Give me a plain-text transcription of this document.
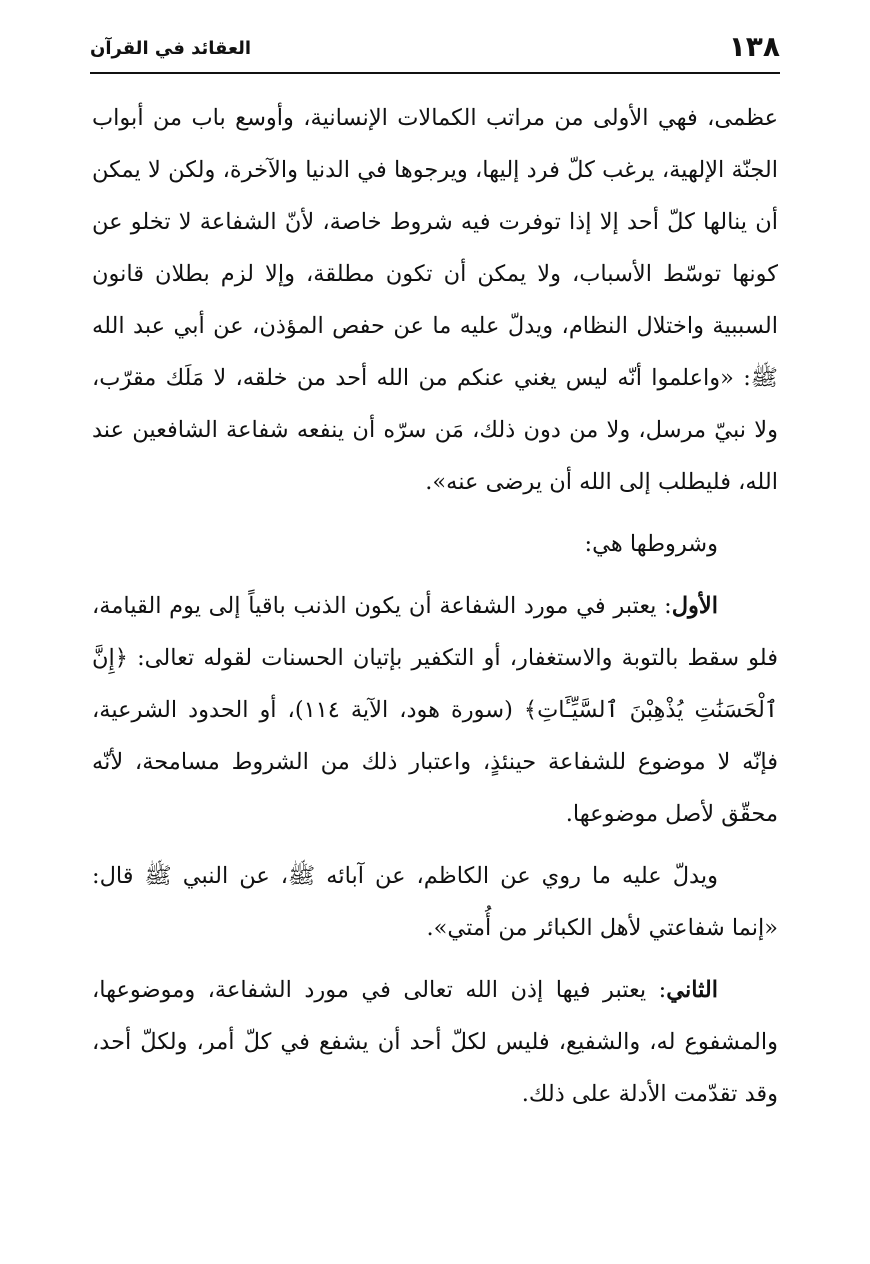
١٣٨
العقائد في القرآن

عظمى، فهي الأولى من مراتب الكمالات الإنسانية، وأوسع باب من أبواب الجنّة الإلهية، يرغب كلّ فرد إليها، ويرجوها في الدنيا والآخرة، ولكن لا يمكن أن ينالها كلّ أحد إلا إذا توفرت فيه شروط خاصة، لأنّ الشفاعة لا تخلو عن كونها توسّط الأسباب، ولا يمكن أن تكون مطلقة، وإلا لزم بطلان قانون السببية واختلال النظام، ويدلّ عليه ما عن حفص المؤذن، عن أبي عبد الله ﷺ: «واعلموا أنّه ليس يغني عنكم من الله أحد من خلقه، لا مَلَك مقرّب، ولا نبيّ مرسل، ولا من دون ذلك، مَن سرّه أن ينفعه شفاعة الشافعين عند الله، فليطلب إلى الله أن يرضى عنه».

وشروطها هي:

الأول: يعتبر في مورد الشفاعة أن يكون الذنب باقياً إلى يوم القيامة، فلو سقط بالتوبة والاستغفار، أو التكفير بإتيان الحسنات لقوله تعالى: ﴿إِنَّ ٱلْحَسَنَٰتِ يُذْهِبْنَ ٱلسَّيِّـَٔاتِ﴾ (سورة هود، الآية ١١٤)، أو الحدود الشرعية، فإنّه لا موضوع للشفاعة حينئذٍ، واعتبار ذلك من الشروط مسامحة، لأنّه محقّق لأصل موضوعها.

ويدلّ عليه ما روي عن الكاظم، عن آبائه ﷺ، عن النبي ﷺ قال: «إنما شفاعتي لأهل الكبائر من أُمتي».

الثاني: يعتبر فيها إذن الله تعالى في مورد الشفاعة، وموضوعها، والمشفوع له، والشفيع، فليس لكلّ أحد أن يشفع في كلّ أمر، ولكلّ أحد، وقد تقدّمت الأدلة على ذلك.
